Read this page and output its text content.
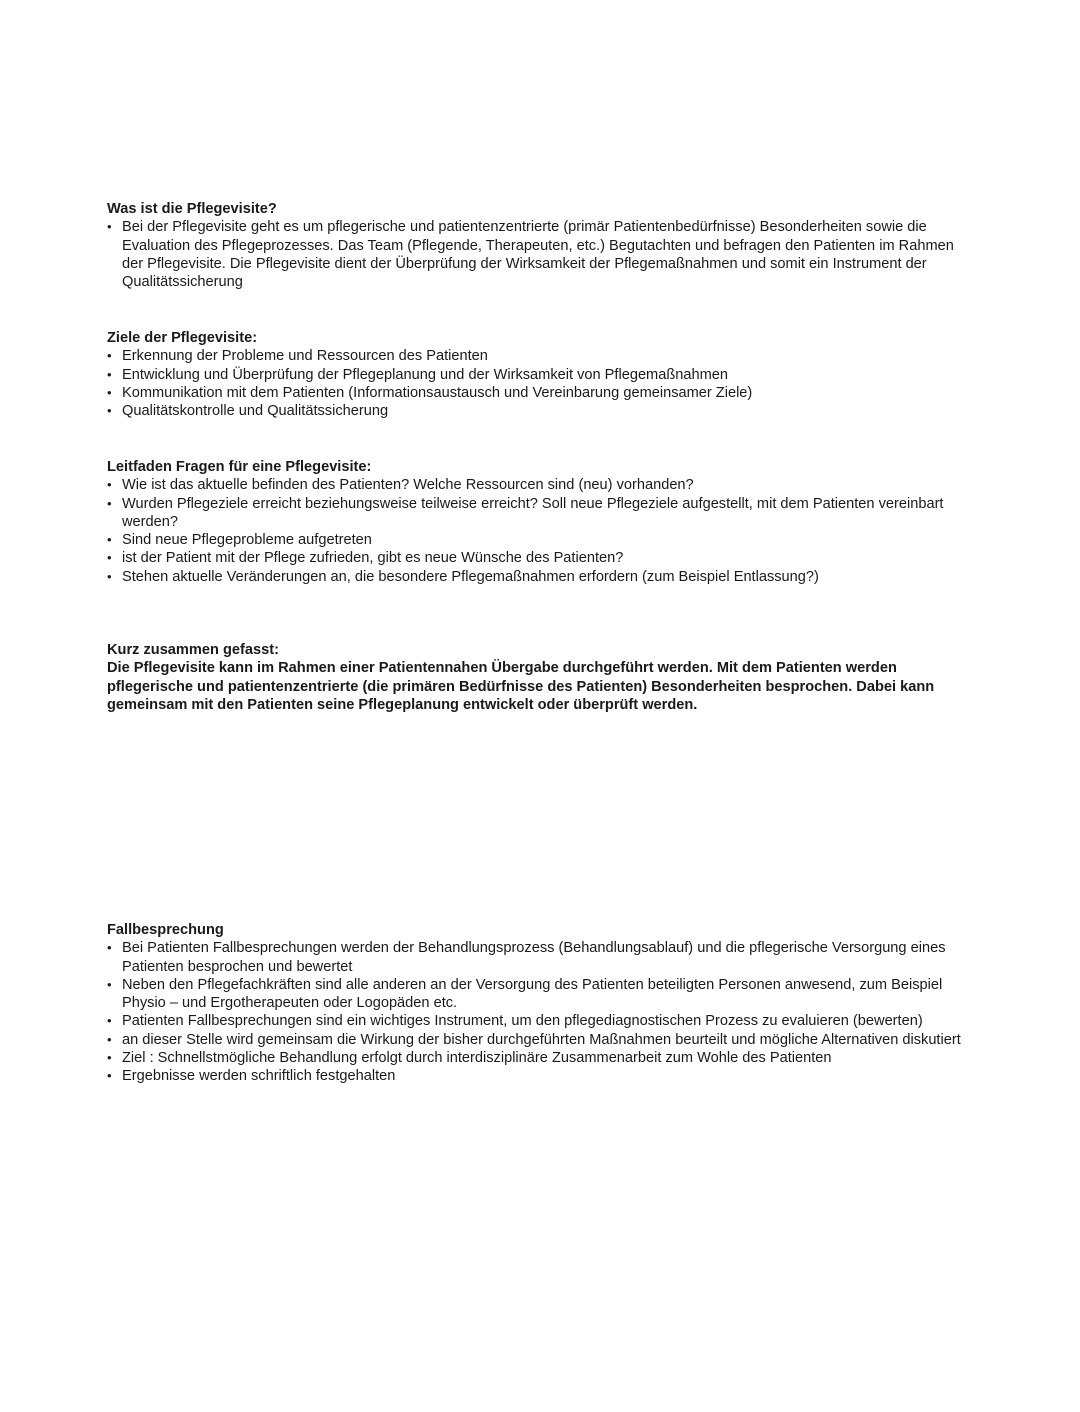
Was ist die Pflegevisite?

• Bei der Pflegevisite geht es um pflegerische und patientenzentrierte (primär Patientenbedürfnisse) Besonderheiten sowie die Evaluation des Pflegeprozesses. Das Team (Pflegende, Therapeuten, etc.) Begutachten und befragen den Patienten im Rahmen der Pflegevisite. Die Pflegevisite dient der Überprüfung der Wirksamkeit der Pflegemaßnahmen und somit ein Instrument der Qualitätssicherung

Ziele der Pflegevisite:

• Erkennung der Probleme und Ressourcen des Patienten
• Entwicklung und Überprüfung der Pflegeplanung und der Wirksamkeit von Pflegemaßnahmen
• Kommunikation mit dem Patienten (Informationsaustausch und Vereinbarung gemeinsamer Ziele)
• Qualitätskontrolle und Qualitätssicherung

Leitfaden Fragen für eine Pflegevisite:

• Wie ist das aktuelle befinden des Patienten? Welche Ressourcen sind (neu) vorhanden?
• Wurden Pflegeziele erreicht beziehungsweise teilweise erreicht? Soll neue Pflegeziele aufgestellt, mit dem Patienten vereinbart werden?
• Sind neue Pflegeprobleme aufgetreten
• ist der Patient mit der Pflege zufrieden, gibt es neue Wünsche des Patienten?
• Stehen aktuelle Veränderungen an, die besondere Pflegemaßnahmen erfordern (zum Beispiel Entlassung?)

Kurz zusammen gefasst:

Die Pflegevisite kann im Rahmen einer Patientennahen Übergabe durchgeführt werden. Mit dem Patienten werden pflegerische und patientenzentrierte (die primären Bedürfnisse des Patienten) Besonderheiten besprochen. Dabei kann gemeinsam mit den Patienten seine Pflegeplanung entwickelt oder überprüft werden.

Fallbesprechung

• Bei Patienten Fallbesprechungen werden der Behandlungsprozess (Behandlungsablauf) und die pflegerische Versorgung eines Patienten besprochen und bewertet
• Neben den Pflegefachkräften sind alle anderen an der Versorgung des Patienten beteiligten Personen anwesend, zum Beispiel Physio – und Ergotherapeuten oder Logopäden etc.
• Patienten Fallbesprechungen sind ein wichtiges Instrument, um den pflegediagnostischen Prozess zu evaluieren (bewerten)
• an dieser Stelle wird gemeinsam die Wirkung der bisher durchgeführten Maßnahmen beurteilt und mögliche Alternativen diskutiert
• Ziel : Schnellstmögliche Behandlung erfolgt durch interdisziplinäre Zusammenarbeit zum Wohle des Patienten
• Ergebnisse werden schriftlich festgehalten
